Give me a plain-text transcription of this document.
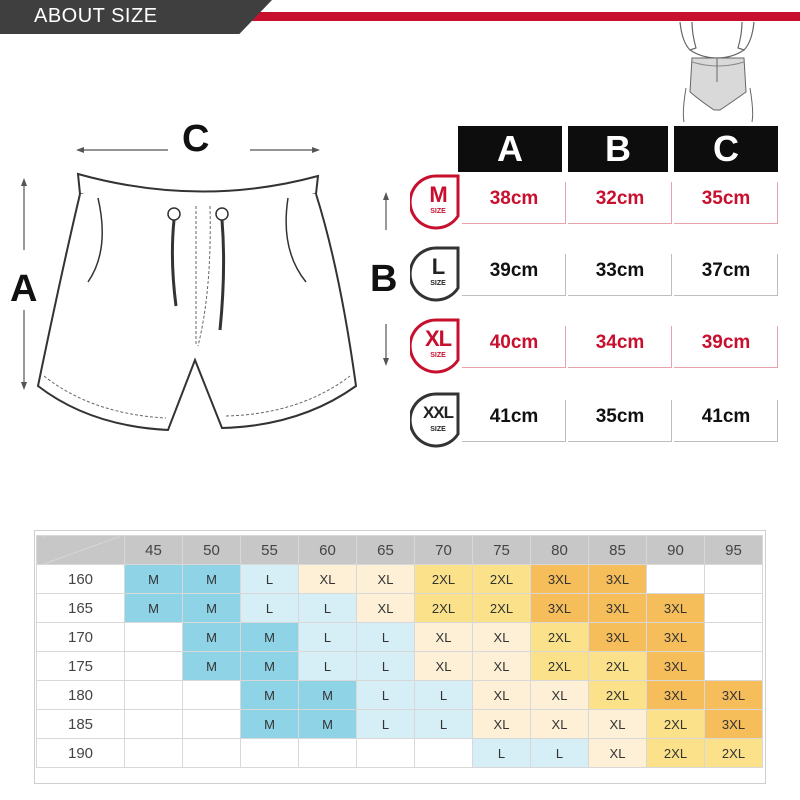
ABOUT SIZE
C
A	B
A	B	C
M
SIZE
38cm	32cm	35cm
L
SIZE
39cm	33cm	37cm
XL
SIZE
40cm	34cm	39cm
XXL
SIZE
41cm	35cm	41cm
	45	50	55	60	65	70	75	80	85	90	95
160	M	M	L	XL	XL	2XL	2XL	3XL	3XL		
165	M	M	L	L	XL	2XL	2XL	3XL	3XL	3XL	
170		M	M	L	L	XL	XL	2XL	3XL	3XL	
175		M	M	L	L	XL	XL	2XL	2XL	3XL	
180			M	M	L	L	XL	XL	2XL	3XL	3XL
185			M	M	L	L	XL	XL	XL	2XL	3XL
190							L	L	XL	2XL	2XL
